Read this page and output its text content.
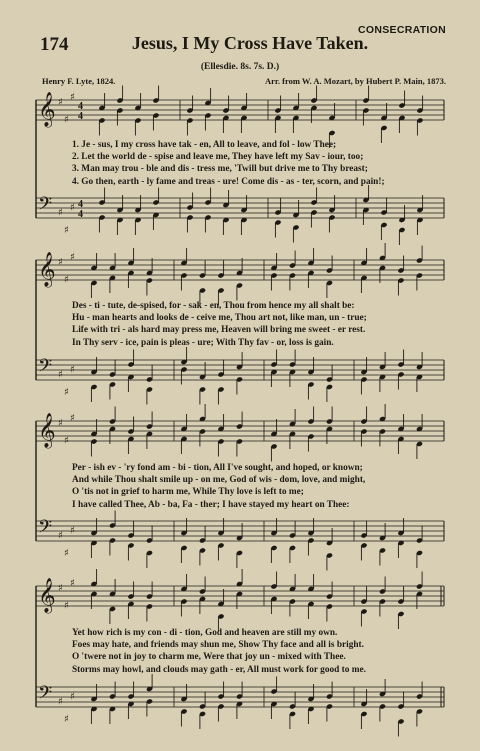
CONSECRATION
174	Jesus, I My Cross Have Taken.
(Ellesdie. 8s. 7s. D.)
Henry F. Lyte, 1824.	Arr. from W. A. Mozart, by Hubert P. Main, 1873.
𝄞 ♯
♯
♯
4
4
𝄢 ♯
♯
♯ 4
4
𝄞 ♯
♯
♯
𝄢 ♯
♯
♯
𝄞 ♯
♯
♯
𝄢 ♯
♯
♯
𝄞 ♯
♯
♯
𝄢 ♯
♯
♯
1. Je - sus, I my cross have tak - en, All to leave, and fol - low Thee;
2. Let the world de - spise and leave me, They have left my Sav - iour, too;
3. Man may trou - ble and dis - tress me, 'Twill but drive me to Thy breast;
4. Go then, earth - ly fame and treas - ure! Come dis - as - ter, scorn, and pain!;
Des - ti - tute, de-spised, for - sak - en, Thou from hence my all shalt be:
Hu - man hearts and looks de - ceive me, Thou art not, like man, un - true;
Life with tri - als hard may press me, Heaven will bring me sweet - er rest.
In Thy serv - ice, pain is pleas - ure; With Thy fav - or, loss is gain.
Per - ish ev - 'ry fond am - bi - tion, All I've sought, and hoped, or known;
And while Thou shalt smile up - on me, God of wis - dom, love, and might,
O 'tis not in grief to harm me, While Thy love is left to me;
I have called Thee, Ab - ba, Fa - ther; I have stayed my heart on Thee:
Yet how rich is my con - di - tion, God and heaven are still my own.
Foes may hate, and friends may shun me, Show Thy face and all is bright.
O 'twere not in joy to charm me, Were that joy un - mixed with Thee.
Storms may howl, and clouds may gath - er, All must work for good to me.
